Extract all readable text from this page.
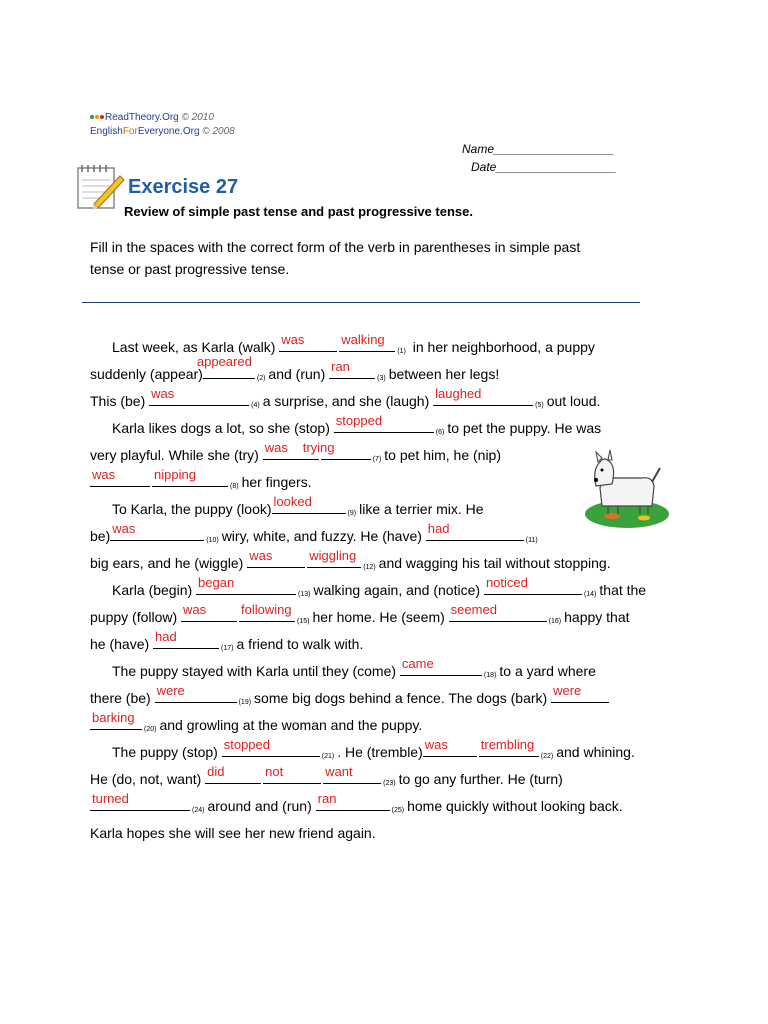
ReadTheory.Org © 2010
EnglishForEveryone.Org © 2008
Name__________________
Date__________________
Exercise 27
Review of simple past tense and past progressive tense.
Fill in the spaces with the correct form of the verb in parentheses in simple past
tense or past progressive tense.
Last week, as Karla (walk) was	walking
(1) in her neighborhood, a puppy
suddenly (appear)
appeared
(2) and (run) ran
(3) between her legs!
This (be) was
(4) a surprise, and she (laugh) laughed
(5) out loud.
Karla likes dogs a lot, so she (stop) stopped
(6) to pet the puppy. He was
very playful. While she (try) was trying
(7) to pet him, he (nip)
was	nipping
(8) her fingers.
To Karla, the puppy (look) looked
(9) like a terrier mix. He
be) was
(10) wiry, white, and fuzzy. He (have) had
(11)
big ears, and he (wiggle) was	wiggling
(12) and wagging his tail without stopping.
Karla (begin) began
(13) walking again, and (notice) noticed
(14) that the
puppy (follow) was	following
(15) her home. He (seem) seemed
(16) happy that
he (have) had
(17) a friend to walk with.
The puppy stayed with Karla until they (come) came
(18) to a yard where
there (be) were
(19) some big dogs behind a fence. The dogs (bark) were
barking
(20) and growling at the woman and the puppy.
The puppy (stop) stopped
(21) . He (tremble) was	trembling
(22) and whining.
He (do, not, want) did	not	want
(23) to go any further. He (turn)
turned
(24) around and (run) ran
(25) home quickly without looking back.
Karla hopes she will see her new friend again.
